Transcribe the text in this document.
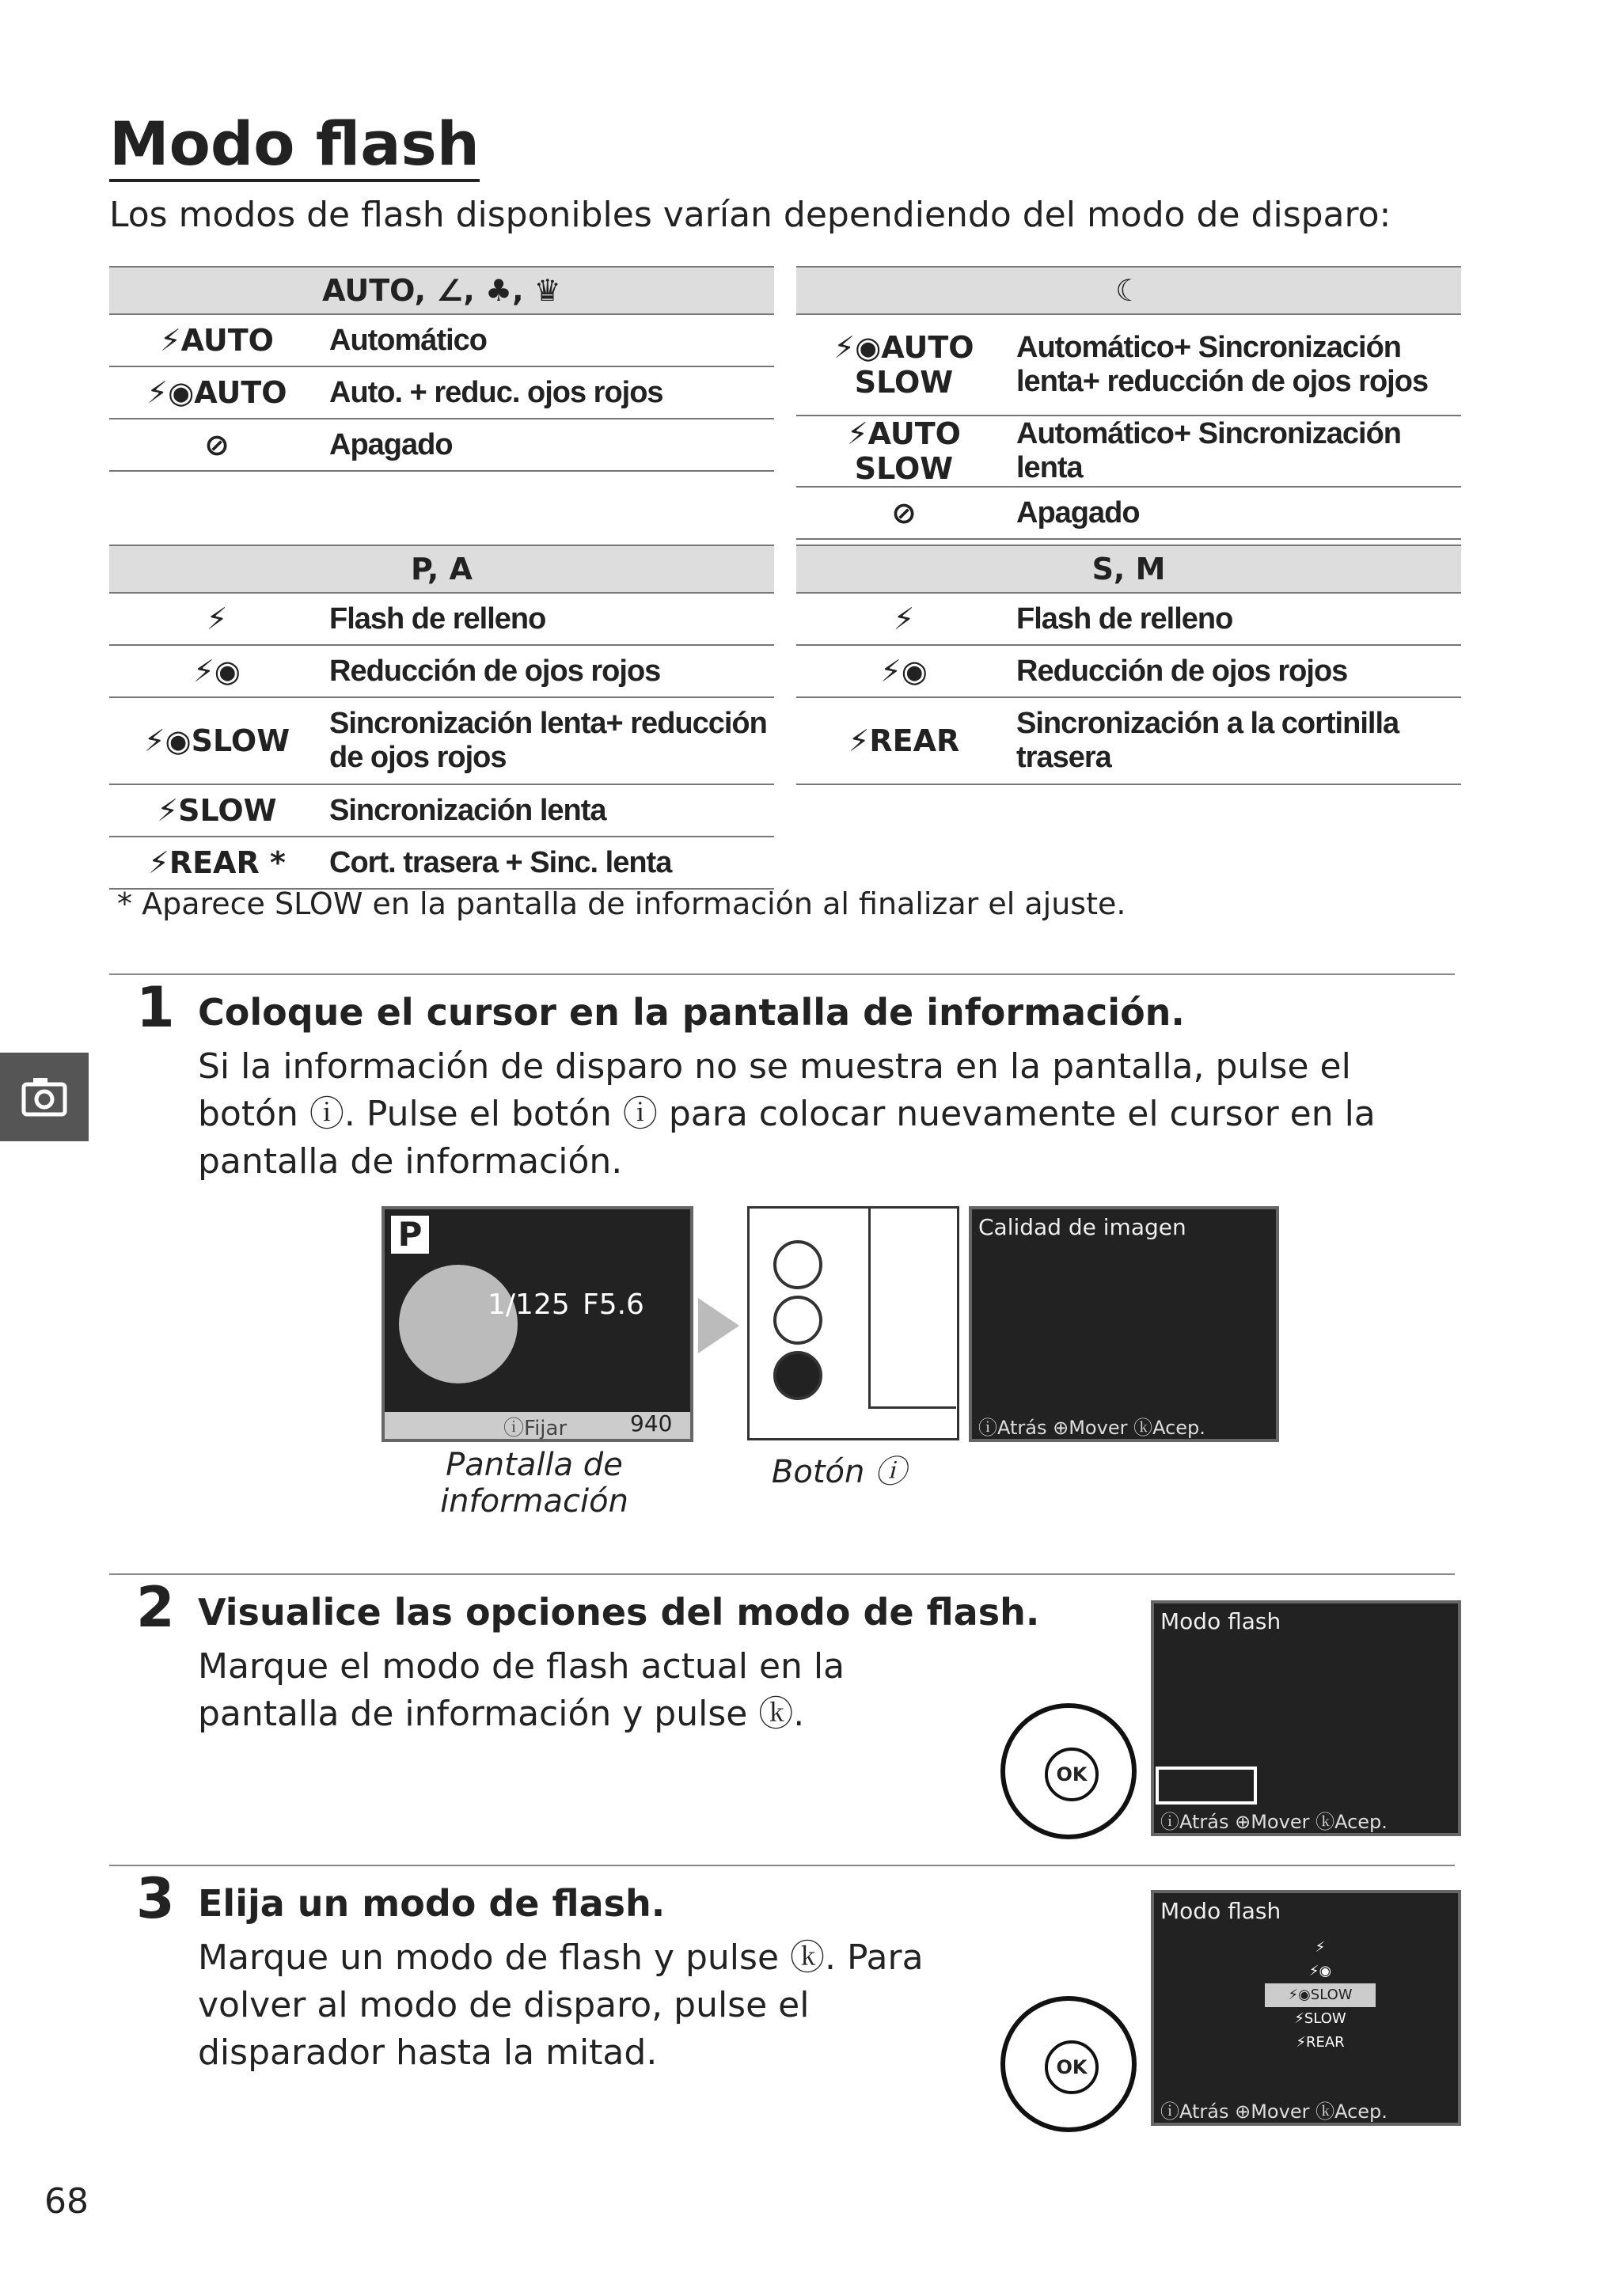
Modo flash
Los modos de flash disponibles varían dependiendo del modo de disparo:
AUTO, ∠, ♣, ♛	
⚡AUTO	Automático
⚡◉AUTO	Auto. + reduc. ojos rojos
⊘	Apagado
☾	
⚡◉AUTO SLOW	Automático+ Sincronización lenta+ reducción de ojos rojos
⚡AUTO SLOW	Automático+ Sincronización lenta
⊘	Apagado
P, A	
⚡	Flash de relleno
⚡◉	Reducción de ojos rojos
⚡◉SLOW	Sincronización lenta+ reducción de ojos rojos
⚡SLOW	Sincronización lenta
⚡REAR *	Cort. trasera + Sinc. lenta
S, M	
⚡	Flash de relleno
⚡◉	Reducción de ojos rojos
⚡REAR	Sincronización a la cortinilla trasera
* Aparece SLOW en la pantalla de información al finalizar el ajuste.
1 Coloque el cursor en la pantalla de información.
Si la información de disparo no se muestra en la pantalla, pulse el botón ⓘ. Pulse el botón ⓘ para colocar nuevamente el cursor en la pantalla de información.
P
1/125 F5.6
ⓘFijar	940
Calidad de imagen
ⓘAtrás ⊕Mover ⓚAcep.
Pantalla de información
Botón ⓘ
2 Visualice las opciones del modo de flash.
Marque el modo de flash actual en la pantalla de información y pulse ⓚ.
OK
Modo flash
ⓘAtrás ⊕Mover ⓚAcep.
3 Elija un modo de flash.
Marque un modo de flash y pulse ⓚ. Para volver al modo de disparo, pulse el disparador hasta la mitad.	OK
Modo flash
⚡
⚡◉
⚡◉SLOW
⚡SLOW
⚡REAR
ⓘAtrás ⊕Mover ⓚAcep.
68
